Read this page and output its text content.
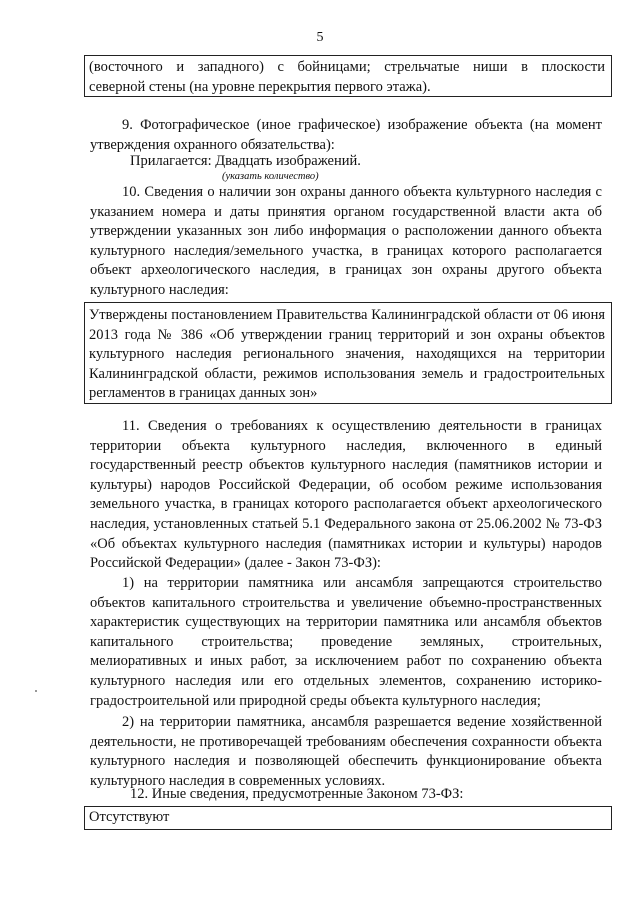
5
(восточного и западного) с бойницами; стрельчатые ниши в плоскости
северной стены (на уровне перекрытия первого этажа).
9. Фотографическое (иное графическое) изображение объекта (на момент утверждения охранного обязательства):
Прилагается: Двадцать изображений.
(указать количество)
10. Сведения о наличии зон охраны данного объекта культурного наследия с указанием номера и даты принятия органом государственной власти акта об утверждении указанных зон либо информация о расположении данного объекта культурного наследия/земельного участка, в границах которого располагается объект археологического наследия, в границах зон охраны другого объекта культурного наследия:
Утверждены постановлением Правительства Калининградской области от 06 июня 2013 года № 386 «Об утверждении границ территорий и зон охраны объектов культурного наследия регионального значения, находящихся на территории Калининградской области, режимов использования земель и градостроительных регламентов в границах данных зон»
11. Сведения о требованиях к осуществлению деятельности в границах территории объекта культурного наследия, включенного в единый государственный реестр объектов культурного наследия (памятников истории и культуры) народов Российской Федерации, об особом режиме использования земельного участка, в границах которого располагается объект археологического наследия, установленных статьей 5.1 Федерального закона от 25.06.2002 № 73-ФЗ «Об объектах культурного наследия (памятниках истории и культуры) народов Российской Федерации» (далее - Закон 73-ФЗ):
1) на территории памятника или ансамбля запрещаются строительство объектов капитального строительства и увеличение объемно-пространственных характеристик существующих на территории памятника или ансамбля объектов капитального строительства; проведение земляных, строительных, мелиоративных и иных работ, за исключением работ по сохранению объекта культурного наследия или его отдельных элементов, сохранению историко-градостроительной или природной среды объекта культурного наследия;
2) на территории памятника, ансамбля разрешается ведение хозяйственной деятельности, не противоречащей требованиям обеспечения сохранности объекта культурного наследия и позволяющей обеспечить функционирование объекта культурного наследия в современных условиях.
12. Иные сведения, предусмотренные Законом 73-ФЗ:
Отсутствуют
